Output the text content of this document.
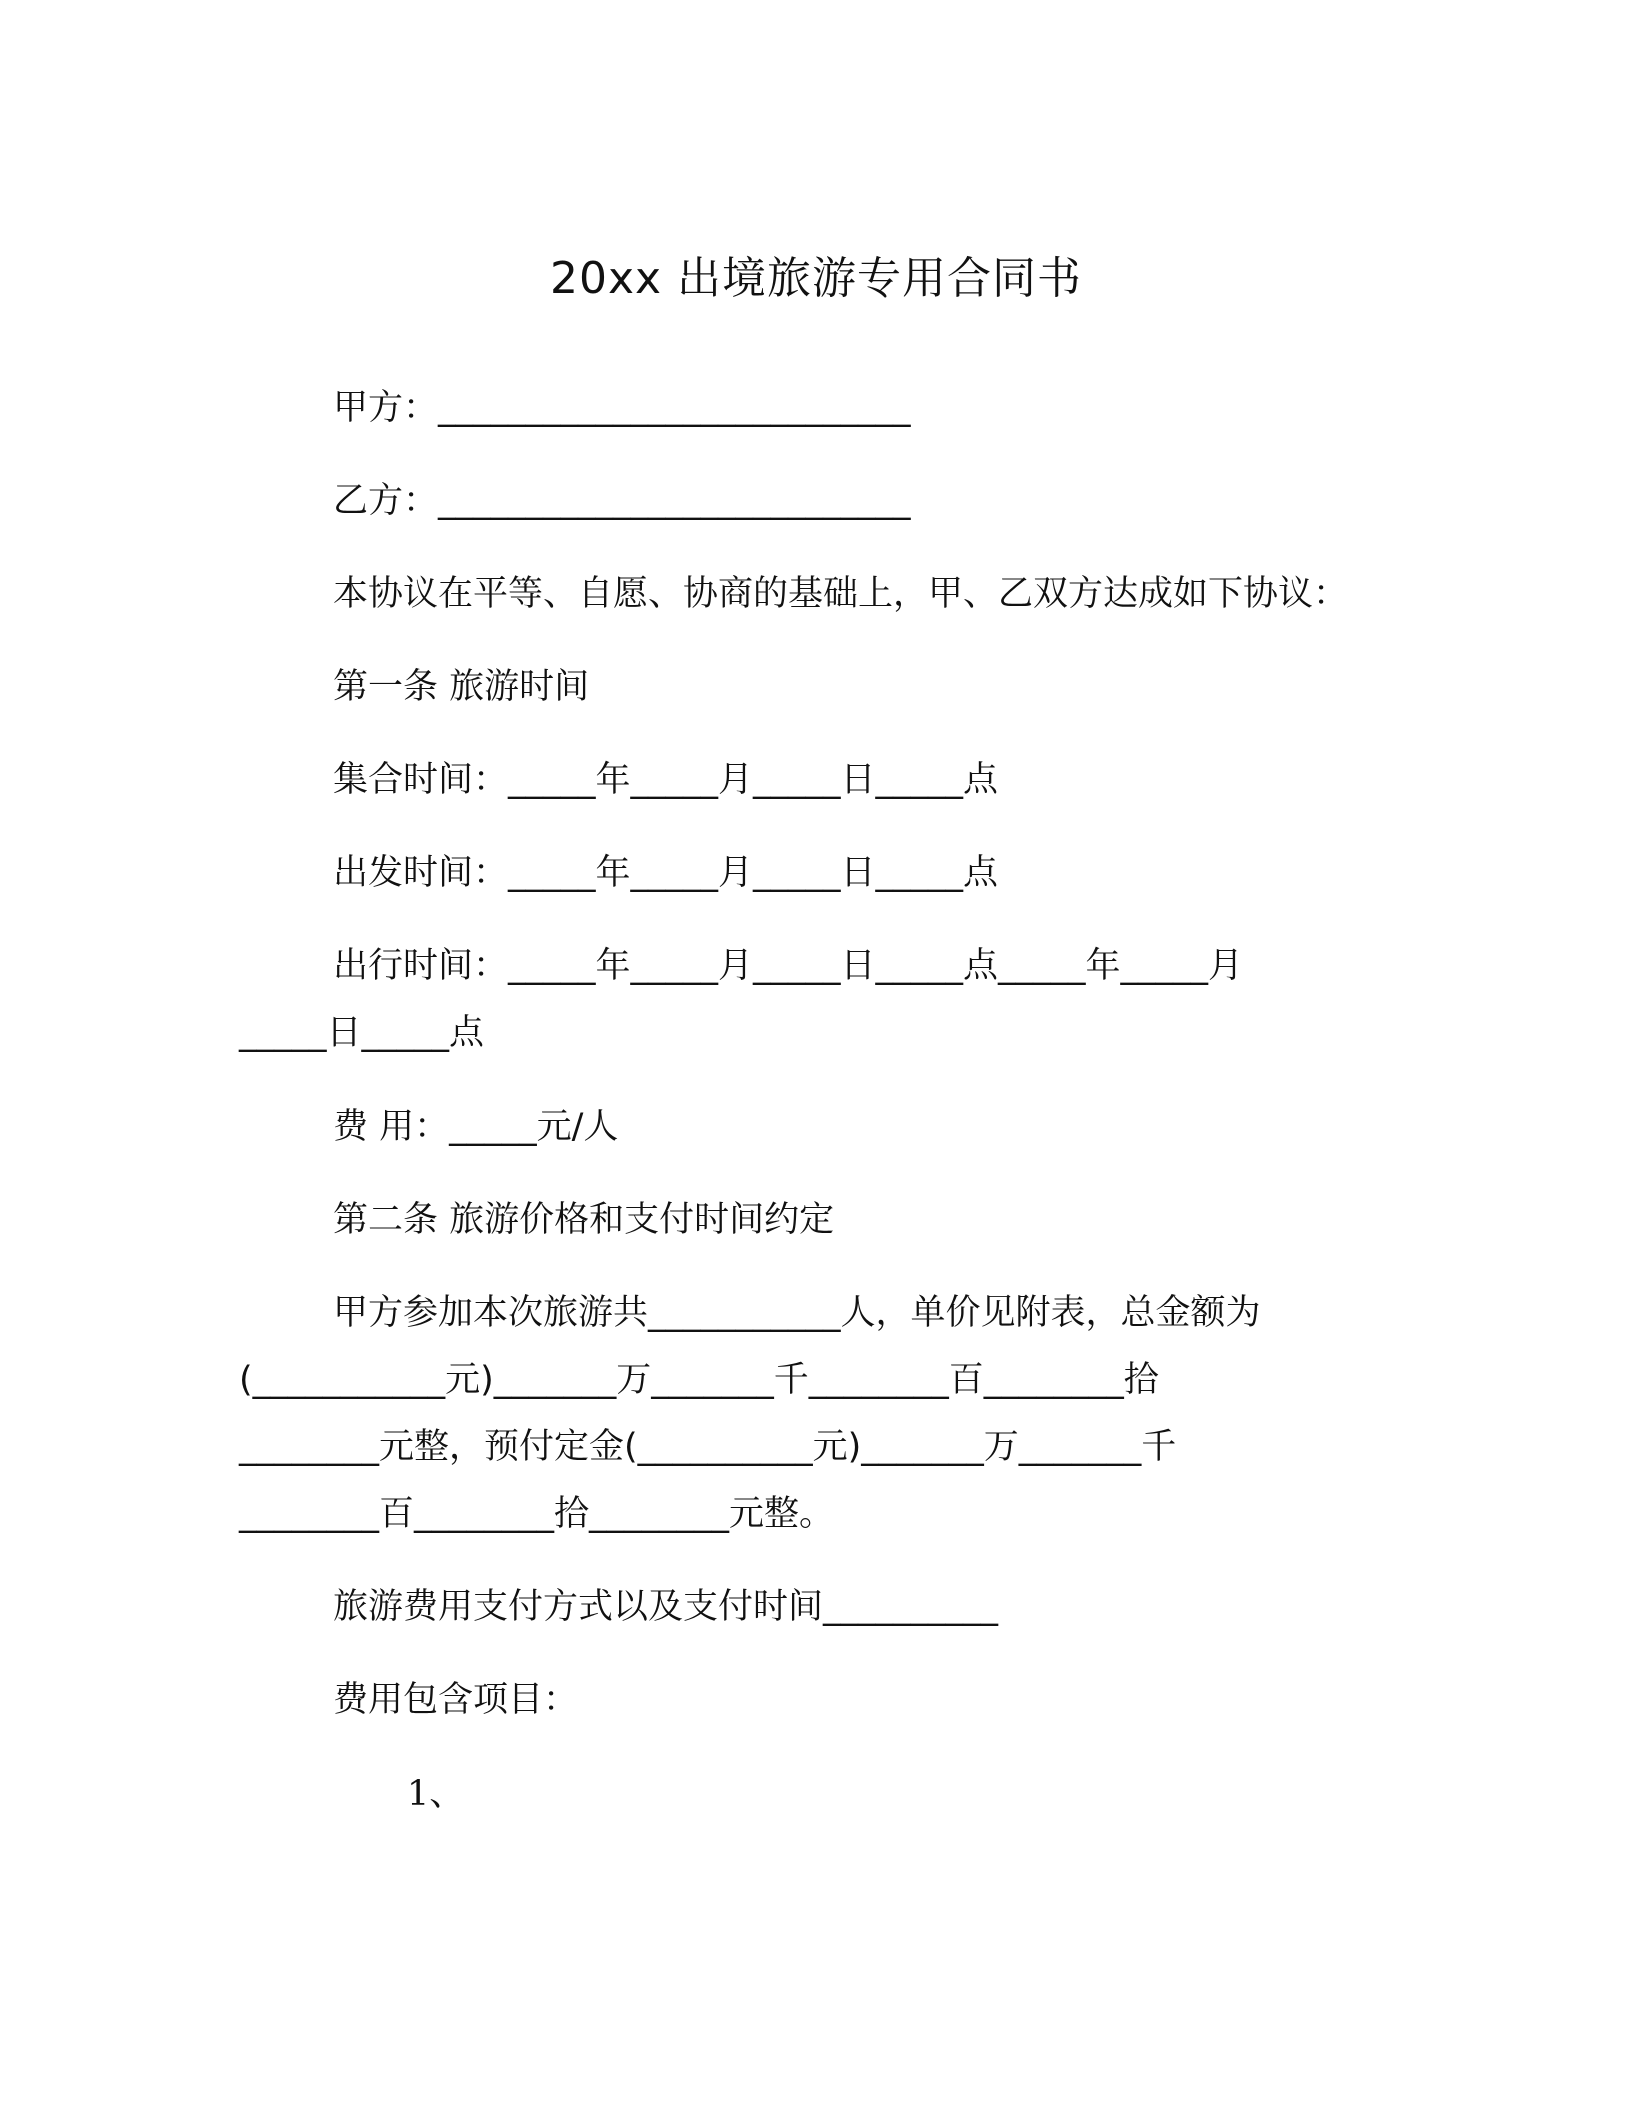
20xx 出境旅游专用合同书
甲方：___________________________
乙方：___________________________
本协议在平等、自愿、协商的基础上，甲、乙双方达成如下协议：
第一条 旅游时间
集合时间：_____年_____月_____日_____点
出发时间：_____年_____月_____日_____点
出行时间：_____年_____月_____日_____点_____年_____月
_____日_____点
费 用：_____元/人
第二条 旅游价格和支付时间约定
甲方参加本次旅游共___________人，单价见附表，总金额为
(___________元)_______万_______千________百________拾
________元整，预付定金(__________元)_______万_______千
________百________拾________元整。
旅游费用支付方式以及支付时间__________
费用包含项目：
1、
